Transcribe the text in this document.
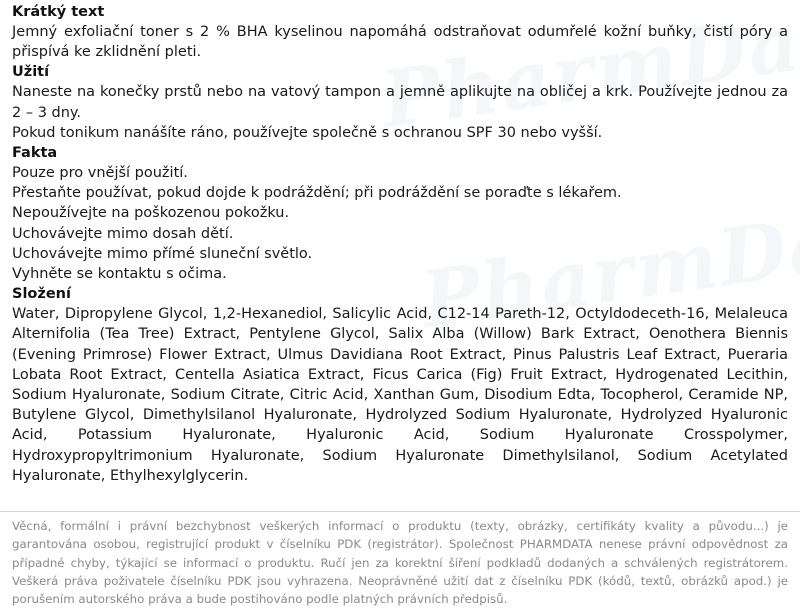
Krátký text

Jemný exfoliační toner s 2 % BHA kyselinou napomáhá odstraňovat odumřelé kožní buňky, čistí póry a přispívá ke zklidnění pleti.

Užití

Naneste na konečky prstů nebo na vatový tampon a jemně aplikujte na obličej a krk. Používejte jednou za 2 – 3 dny.

Pokud tonikum nanášíte ráno, používejte společně s ochranou SPF 30 nebo vyšší.
Fakta
Pouze pro vnější použití.
Přestaňte používat, pokud dojde k podráždění; při podráždění se poraďte s lékařem.
Nepoužívejte na poškozenou pokožku.
Uchovávejte mimo dosah dětí.
Uchovávejte mimo přímé sluneční světlo.
Vyhněte se kontaktu s očima.
Složení

Water, Dipropylene Glycol, 1,2-Hexanediol, Salicylic Acid, C12-14 Pareth-12, Octyldodeceth-16, Melaleuca Alternifolia (Tea Tree) Extract, Pentylene Glycol, Salix Alba (Willow) Bark Extract, Oenothera Biennis (Evening Primrose) Flower Extract, Ulmus Davidiana Root Extract, Pinus Palustris Leaf Extract, Pueraria Lobata Root Extract, Centella Asiatica Extract, Ficus Carica (Fig) Fruit Extract, Hydrogenated Lecithin, Sodium Hyaluronate, Sodium Citrate, Citric Acid, Xanthan Gum, Disodium Edta, Tocopherol, Ceramide NP, Butylene Glycol, Dimethylsilanol Hyaluronate, Hydrolyzed Sodium Hyaluronate, Hydrolyzed Hyaluronic Acid, Potassium Hyaluronate, Hyaluronic Acid, Sodium Hyaluronate Crosspolymer, Hydroxypropyltrimonium Hyaluronate, Sodium Hyaluronate Dimethylsilanol, Sodium Acetylated Hyaluronate, Ethylhexylglycerin.

Věcná, formální i právní bezchybnost veškerých informací o produktu (texty, obrázky, certifikáty kvality a původu...) je garantována osobou, registrující produkt v číselníku PDK (registrátor). Společnost PHARMDATA nenese právní odpovědnost za případné chyby, týkající se informací o produktu. Ručí jen za korektní šíření podkladů dodaných a schválených registrátorem. Veškerá práva poživatele číselníku PDK jsou vyhrazena. Neoprávněné užití dat z číselníku PDK (kódů, textů, obrázků apod.) je porušením autorského práva a bude postihováno podle platných právních předpisů.
